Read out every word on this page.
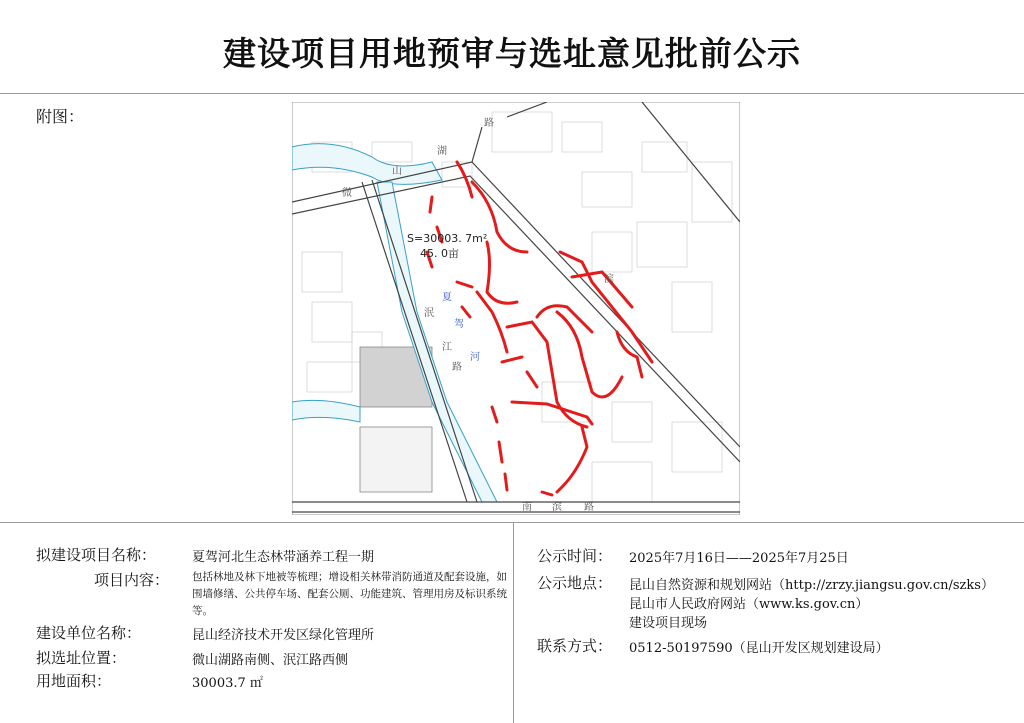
建设项目用地预审与选址意见批前公示
附图：
S=30003. 7m²
45. 0亩
湖
山
微
夏
驾
河
泯
江
路
南 滨 路
路
滨
拟建设项目名称：	夏驾河北生态林带涵养工程一期
项目内容： 包括林地及林下地被等梳理；增设相关林带消防通道及配套设施，如围墙修缮、公共停车场、配套公厕、功能建筑、管理用房及标识系统等。
建设单位名称：	昆山经济技术开发区绿化管理所
拟选址位置：	微山湖路南侧、泯江路西侧
用地面积：	30003.7 ㎡
公示时间： 2025年7月16日——2025年7月25日
公示地点： 昆山自然资源和规划网站（http://zrzy.jiangsu.gov.cn/szks）
昆山市人民政府网站（www.ks.gov.cn）
建设项目现场
联系方式： 0512-50197590（昆山开发区规划建设局）
